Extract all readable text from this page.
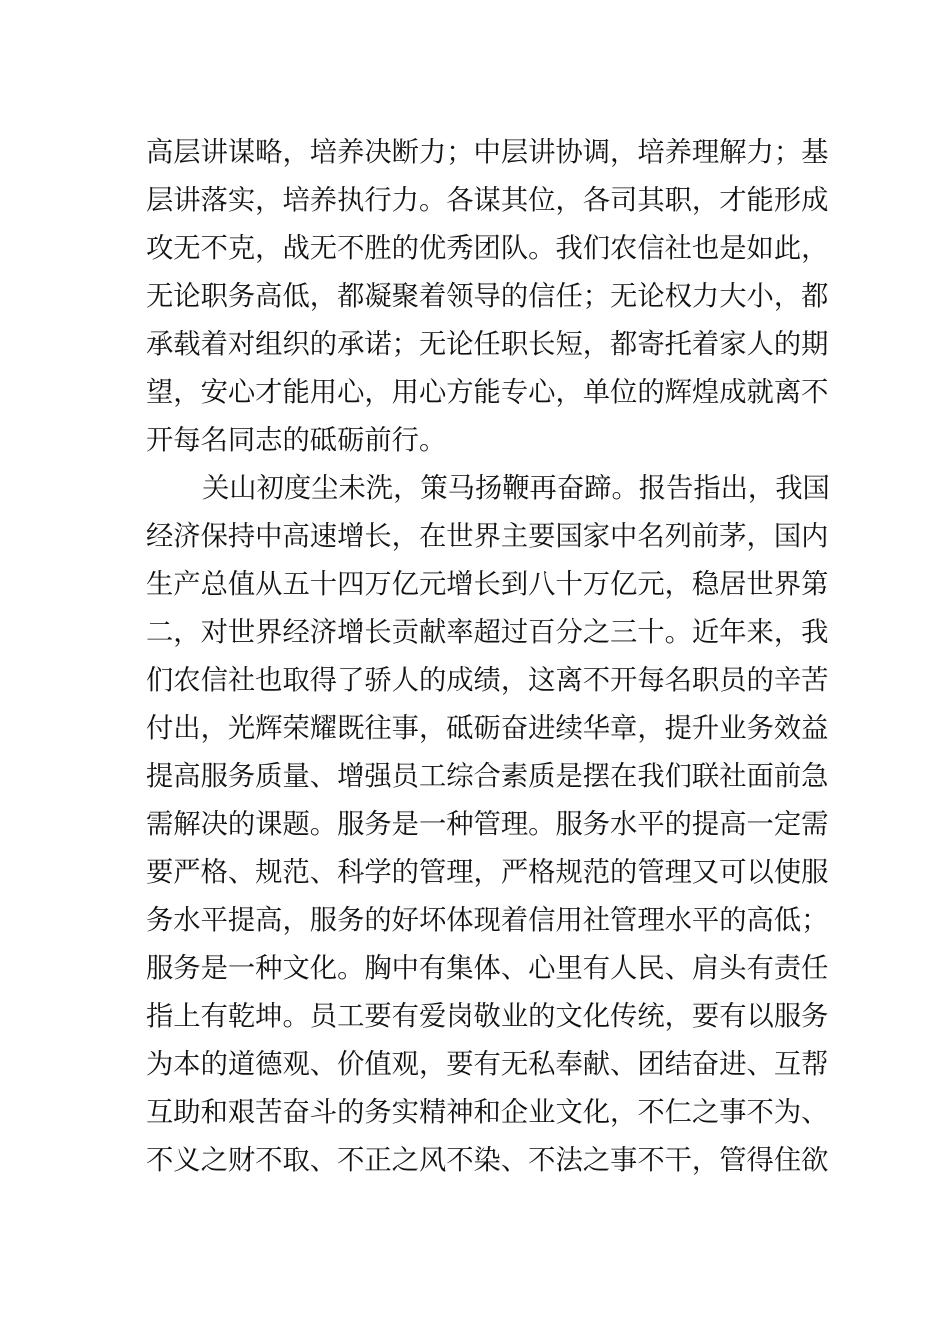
高层讲谋略，培养决断力；中层讲协调，培养理解力；基
层讲落实，培养执行力。各谋其位，各司其职，才能形成
攻无不克，战无不胜的优秀团队。我们农信社也是如此，
无论职务高低，都凝聚着领导的信任；无论权力大小，都
承载着对组织的承诺；无论任职长短，都寄托着家人的期
望，安心才能用心，用心方能专心，单位的辉煌成就离不
开每名同志的砥砺前行。
关山初度尘未洗，策马扬鞭再奋蹄。报告指出，我国
经济保持中高速增长，在世界主要国家中名列前茅，国内
生产总值从五十四万亿元增长到八十万亿元，稳居世界第
二，对世界经济增长贡献率超过百分之三十。近年来，我
们农信社也取得了骄人的成绩，这离不开每名职员的辛苦
付出，光辉荣耀既往事，砥砺奋进续华章，提升业务效益
提高服务质量、增强员工综合素质是摆在我们联社面前急
需解决的课题。服务是一种管理。服务水平的提高一定需
要严格、规范、科学的管理，严格规范的管理又可以使服
务水平提高，服务的好坏体现着信用社管理水平的高低；
服务是一种文化。胸中有集体、心里有人民、肩头有责任
指上有乾坤。员工要有爱岗敬业的文化传统，要有以服务
为本的道德观、价值观，要有无私奉献、团结奋进、互帮
互助和艰苦奋斗的务实精神和企业文化，不仁之事不为、
不义之财不取、不正之风不染、不法之事不干，管得住欲
